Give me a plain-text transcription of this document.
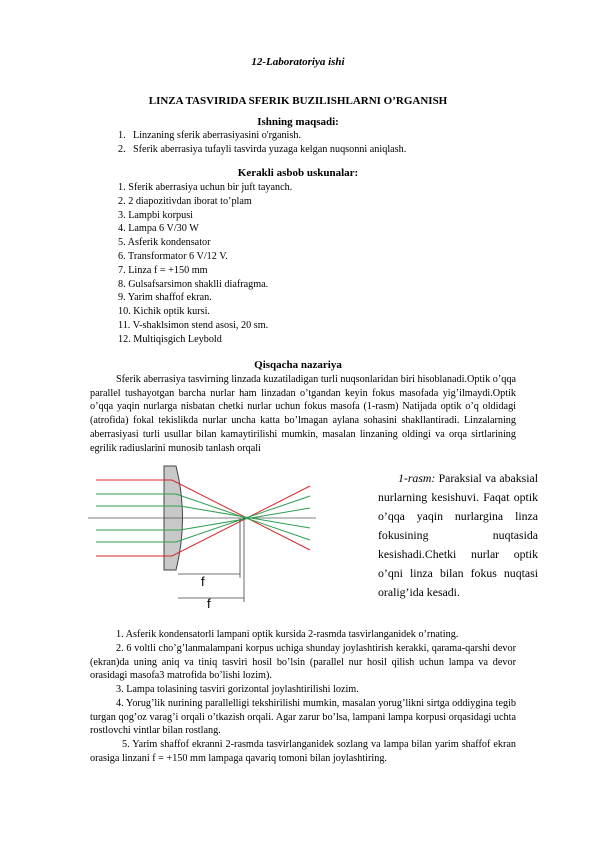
12-Laboratoriya ishi
LINZA TASVIRIDA SFERIK BUZILISHLARNI O’RGANISH
Ishning maqsadi:
1. Linzaning sferik aberrasiyasini o'rganish.
2. Sferik aberrasiya tufayli tasvirda yuzaga kelgan nuqsonni aniqlash.
Kerakli asbob uskunalar:
1. Sferik aberrasiya uchun bir juft tayanch.
2. 2 diapozitivdan iborat to’plam
3. Lampbi korpusi
4. Lampa 6 V/30 W
5. Asferik kondensator
6. Transformator 6 V/12 V.
7. Linza f = +150 mm
8. Gulsafsarsimon shaklli diafragma.
9. Yarim shaffof ekran.
10. Kichik optik kursi.
11. V-shaklsimon stend asosi, 20 sm.
12. Multiqisgich Leybold
Qisqacha nazariya
Sferik aberrasiya tasvirning linzada kuzatiladigan turli nuqsonlaridan biri hisoblanadi.Optik o’qqa parallel tushayotgan barcha nurlar ham linzadan o’tgandan keyin fokus masofada yig’ilmaydi.Optik o’qqa yaqin nurlarga nisbatan chetki nurlar uchun fokus masofa (1-rasm) Natijada optik o’q oldidagi (atrofida) fokal tekislikda nurlar uncha katta bo’lmagan aylana sohasini shakllantiradi. Linzalarning aberrasiyasi turli usullar bilan kamaytirilishi mumkin, masalan linzaning oldingi va orqa sirtlarining egrilik radiuslarini munosib tanlash orqali
f
f
1-rasm: Paraksial va abaksial nurlarning kesishuvi. Faqat optik o’qqa yaqin nurlargina linza fokusining nuqtasida kesishadi.Chetki nurlar optik o’qni linza bilan fokus nuqtasi oralig’ida kesadi.
1. Asferik kondensatorli lampani optik kursida 2-rasmda tasvirlanganidek o’rnating.
2. 6 voltli cho’g’lanmalampani korpus uchiga shunday joylashtirish kerakki, qarama-qarshi devor (ekran)da uning aniq va tiniq tasviri hosil bo’lsin (parallel nur hosil qilish uchun lampa va devor orasidagi masofa3 matrofida bo’lishi lozim).
3. Lampa tolasining tasviri gorizontal joylashtirilishi lozim.
4. Yorug’lik nurining parallelligi tekshirilishi mumkin, masalan yorug’likni sirtga oddiygina tegib turgan qog’oz varag’i orqali o’tkazish orqali. Agar zarur bo’lsa, lampani lampa korpusi orqasidagi uchta rostlovchi vintlar bilan rostlang.
5. Yarim shaffof ekranni 2-rasmda tasvirlanganidek sozlang va lampa bilan yarim shaffof ekran orasiga linzani f = +150 mm lampaga qavariq tomoni bilan joylashtiring.
